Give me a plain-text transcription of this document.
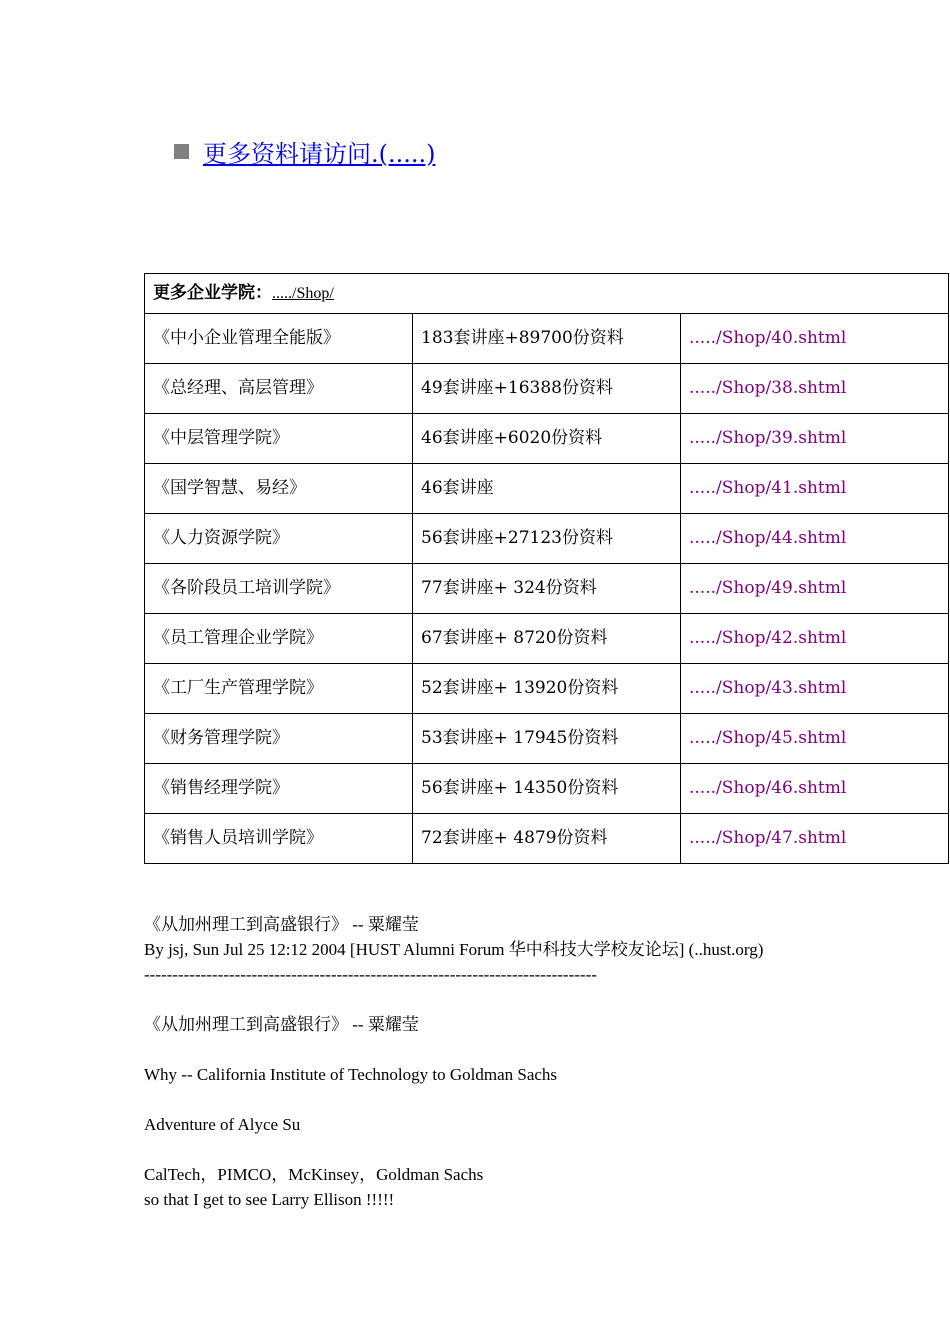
更多资料请访问.(.....)
更多企业学院：...../Shop/		
《中小企业管理全能版》	183套讲座+89700份资料	...../Shop/40.shtml
《总经理、高层管理》	49套讲座+16388份资料	...../Shop/38.shtml
《中层管理学院》	46套讲座+6020份资料	...../Shop/39.shtml
《国学智慧、易经》	46套讲座	...../Shop/41.shtml
《人力资源学院》	56套讲座+27123份资料	...../Shop/44.shtml
《各阶段员工培训学院》	77套讲座+ 324份资料	...../Shop/49.shtml
《员工管理企业学院》	67套讲座+ 8720份资料	...../Shop/42.shtml
《工厂生产管理学院》	52套讲座+ 13920份资料	...../Shop/43.shtml
《财务管理学院》	53套讲座+ 17945份资料	...../Shop/45.shtml
《销售经理学院》	56套讲座+ 14350份资料	...../Shop/46.shtml
《销售人员培训学院》	72套讲座+ 4879份资料	...../Shop/47.shtml

《从加州理工到高盛银行》 -- 粟耀莹

By jsj, Sun Jul 25 12:12 2004 [HUST Alumni Forum 华中科技大学校友论坛] (..hust.org)

--------------------------------------------------------------------------------

《从加州理工到高盛银行》 -- 粟耀莹

Why -- California Institute of Technology to Goldman Sachs

Adventure of Alyce Su

CalTech，PIMCO，McKinsey，Goldman Sachs

so that I get to see Larry Ellison !!!!!
